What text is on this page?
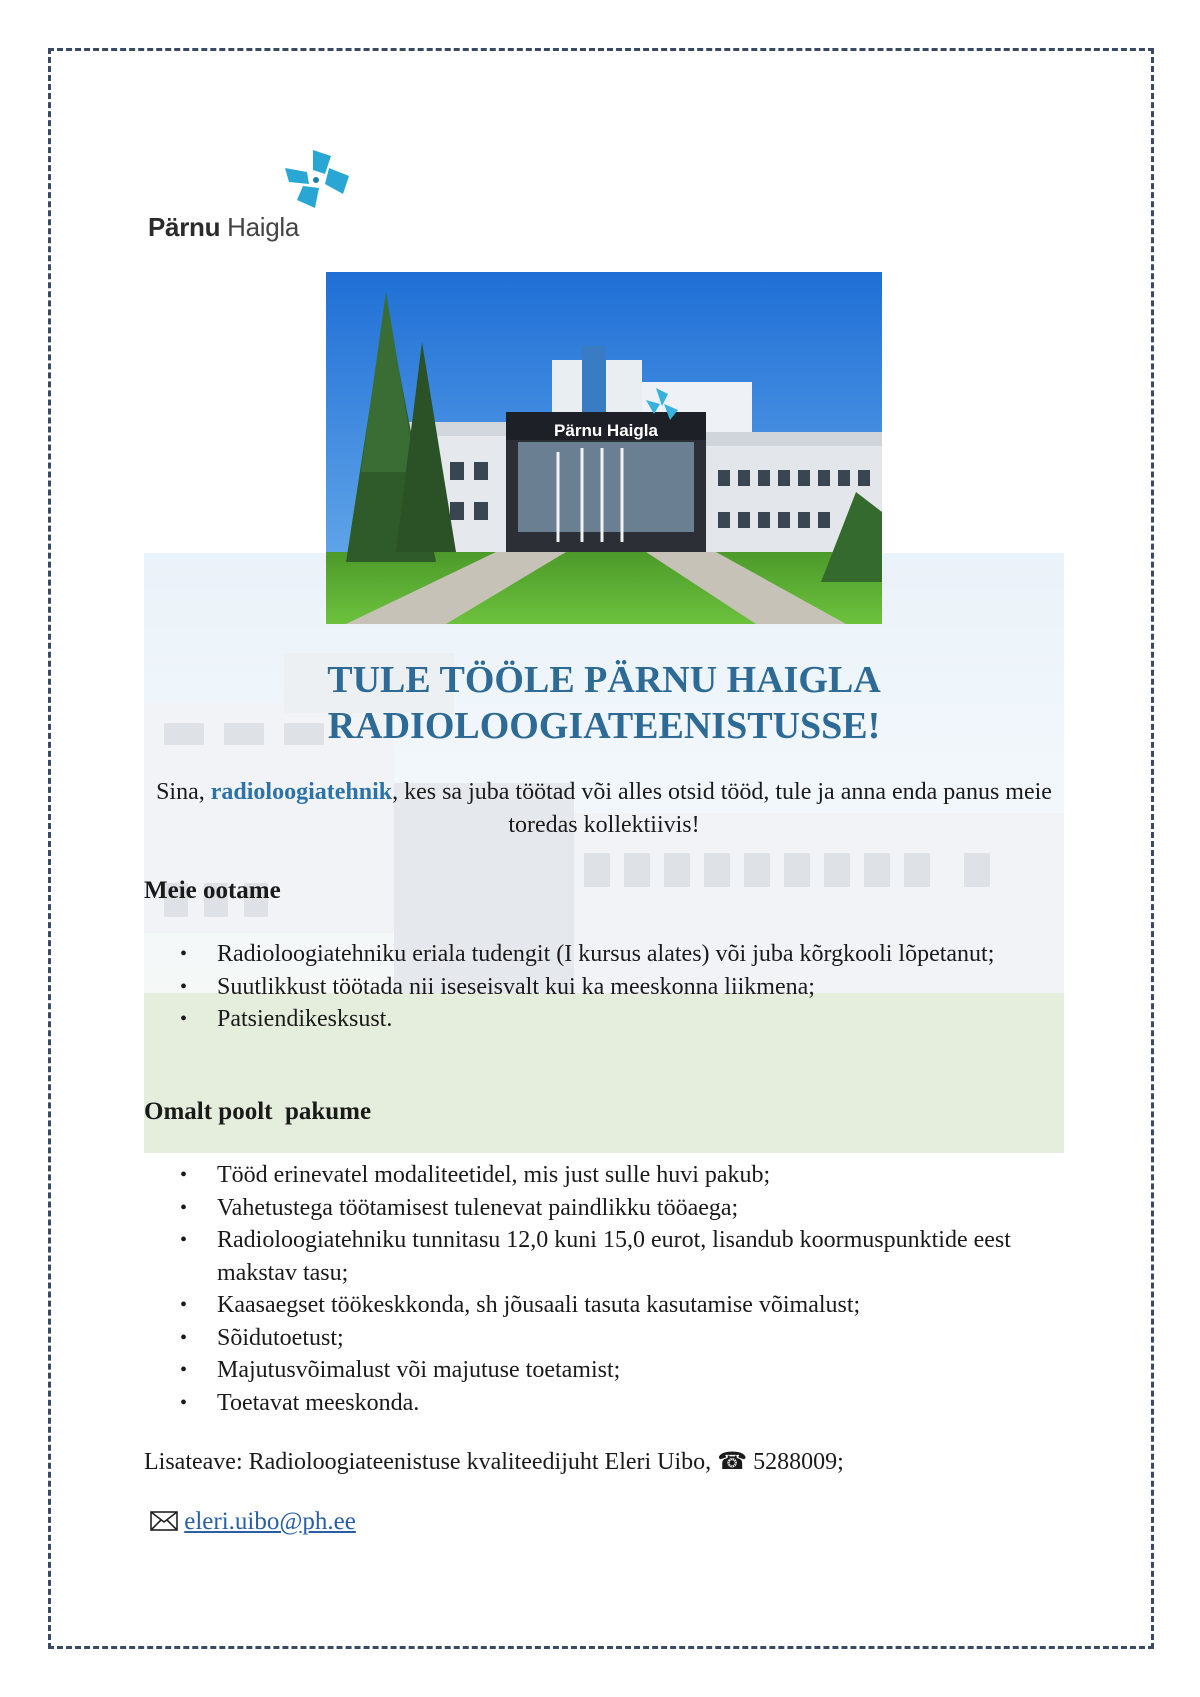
Pärnu Haigla
Pärnu Haigla
TULE TÖÖLE PÄRNU HAIGLA
RADIOLOOGIATEENISTUSSE!
Sina, radioloogiatehnik, kes sa juba töötad või alles otsid tööd, tule ja anna enda panus meie toredas kollektiivis!
Meie ootame
• Radioloogiatehniku eriala tudengit (I kursus alates) või juba kõrgkooli lõpetanut;
• Suutlikkust töötada nii iseseisvalt kui ka meeskonna liikmena;
• Patsiendikesksust.
Omalt poolt  pakume
• Tööd erinevatel modaliteetidel, mis just sulle huvi pakub;
• Vahetustega töötamisest tulenevat paindlikku tööaega;
• Radioloogiatehniku tunnitasu 12,0 kuni 15,0 eurot, lisandub koormuspunktide eest makstav tasu;
• Kaasaegset töökeskkonda, sh jõusaali tasuta kasutamise võimalust;
• Sõidutoetust;
• Majutusvõimalust või majutuse toetamist;
• Toetavat meeskonda.
Lisateave: Radioloogiateenistuse kvaliteedijuht Eleri Uibo, ☎ 5288009;
eleri.uibo@ph.ee
